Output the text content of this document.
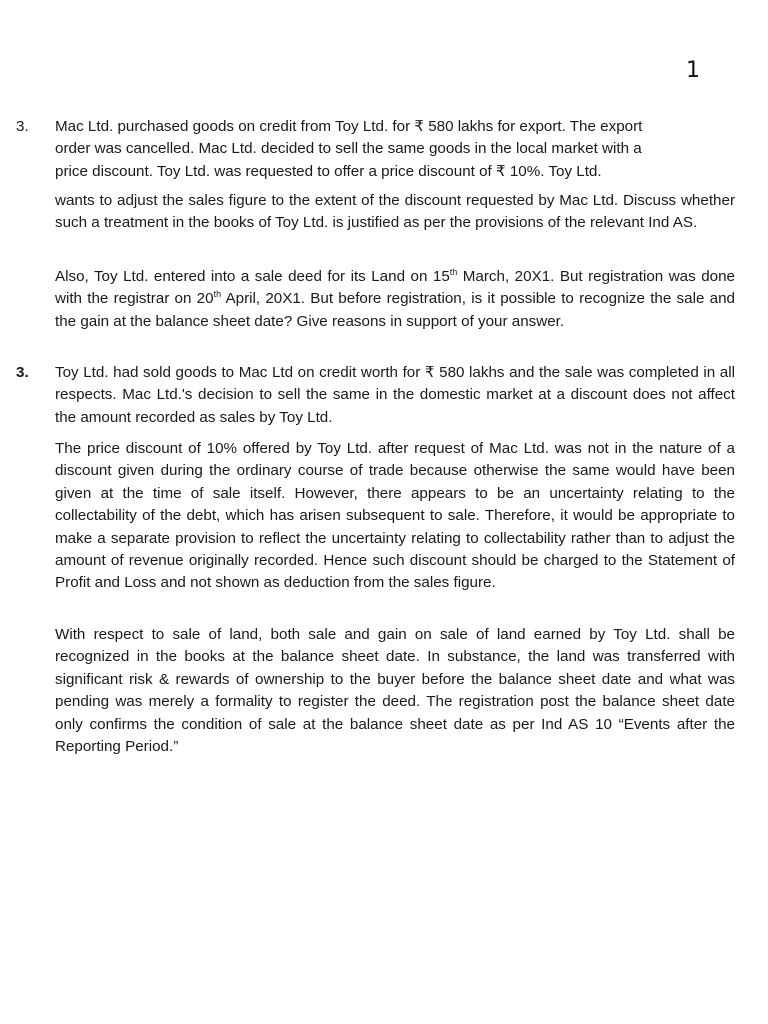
1
3. Mac Ltd. purchased goods on credit from Toy Ltd. for ₹ 580 lakhs for export. The export
order was cancelled. Mac Ltd. decided to sell the same goods in the local market with a
price discount. Toy Ltd. was requested to offer a price discount of ₹ 10%. Toy Ltd.
wants to adjust the sales figure to the extent of the discount requested by Mac Ltd. Discuss whether such a treatment in the books of Toy Ltd. is justified as per the provisions of the relevant Ind AS.
Also, Toy Ltd. entered into a sale deed for its Land on 15th March, 20X1. But registration was done with the registrar on 20th April, 20X1. But before registration, is it possible to recognize the sale and the gain at the balance sheet date? Give reasons in support of your answer.
3. Toy Ltd. had sold goods to Mac Ltd on credit worth for ₹ 580 lakhs and the sale was completed in all respects. Mac Ltd.'s decision to sell the same in the domestic market at a discount does not affect the amount recorded as sales by Toy Ltd.
The price discount of 10% offered by Toy Ltd. after request of Mac Ltd. was not in the nature of a discount given during the ordinary course of trade because otherwise the same would have been given at the time of sale itself. However, there appears to be an uncertainty relating to the collectability of the debt, which has arisen subsequent to sale. Therefore, it would be appropriate to make a separate provision to reflect the uncertainty relating to collectability rather than to adjust the amount of revenue originally recorded. Hence such discount should be charged to the Statement of Profit and Loss and not shown as deduction from the sales figure.
With respect to sale of land, both sale and gain on sale of land earned by Toy Ltd. shall be recognized in the books at the balance sheet date. In substance, the land was transferred with significant risk & rewards of ownership to the buyer before the balance sheet date and what was pending was merely a formality to register the deed. The registration post the balance sheet date only confirms the condition of sale at the balance sheet date as per Ind AS 10 “Events after the Reporting Period.”
